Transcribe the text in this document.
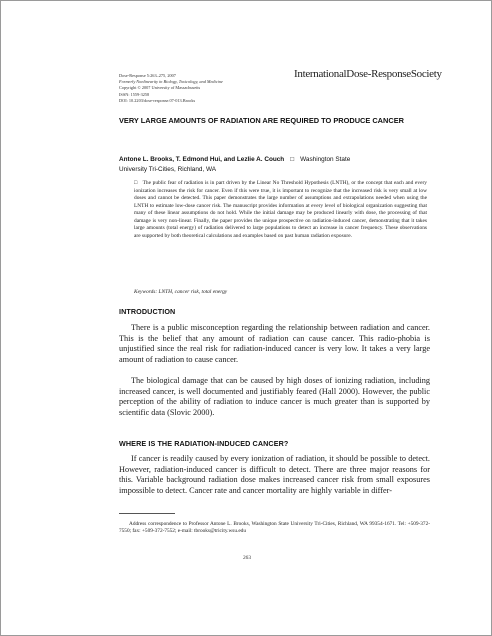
Dose-Response 5:263–275, 2007
Formerly Nonlinearity in Biology, Toxicology, and Medicine
Copyright © 2007 University of Massachusetts
ISSN: 1559-3258
DOI: 10.2203/dose-response.07-013.Brooks
InternationalDose-ResponseSociety
VERY LARGE AMOUNTS OF RADIATION ARE REQUIRED TO PRODUCE CANCER
Antone L. Brooks, T. Edmond Hui, and Lezlie A. Couch □ Washington State
University Tri-Cities, Richland, WA

□ The public fear of radiation is in part driven by the Linear No Threshold Hypothesis (LNTH), or the concept that each and every ionization increases the risk for cancer. Even if this were true, it is important to recognize that the increased risk is very small at low doses and cannot be detected. This paper demonstrates the large number of assumptions and extrapolations needed when using the LNTH to estimate low-dose cancer risk. The manuscript provides information at every level of biological organization suggesting that many of these linear assumptions do not hold. While the initial damage may be produced linearly with dose, the processing of that damage is very non-linear. Finally, the paper provides the unique prospective on radiation-induced cancer, demonstrating that it takes large amounts (total energy) of radiation delivered to large populations to detect an increase in cancer frequency. These observations are supported by both theoretical calculations and examples based on past human radiation exposure.

Keywords: LNTH, cancer risk, total energy
INTRODUCTION

There is a public misconception regarding the relationship between radiation and cancer. This is the belief that any amount of radiation can cause cancer. This radio-phobia is unjustified since the real risk for radiation-induced cancer is very low. It takes a very large amount of radiation to cause cancer.

The biological damage that can be caused by high doses of ionizing radiation, including increased cancer, is well documented and justifiably feared (Hall 2000). However, the public perception of the ability of radiation to induce cancer is much greater than is supported by scientific data (Slovic 2000).

WHERE IS THE RADIATION-INDUCED CANCER?

If cancer is readily caused by every ionization of radiation, it should be possible to detect. However, radiation-induced cancer is difficult to detect. There are three major reasons for this. Variable background radiation dose makes increased cancer risk from small exposures impossible to detect. Cancer rate and cancer mortality are highly variable in differ-

Address correspondence to Professor Antone L. Brooks, Washington State University Tri-Cities, Richland, WA 99354-1671. Tel: +509-372-7550; fax: +509-372-7552; e-mail: tbrooks@tricity.wsu.edu

263
